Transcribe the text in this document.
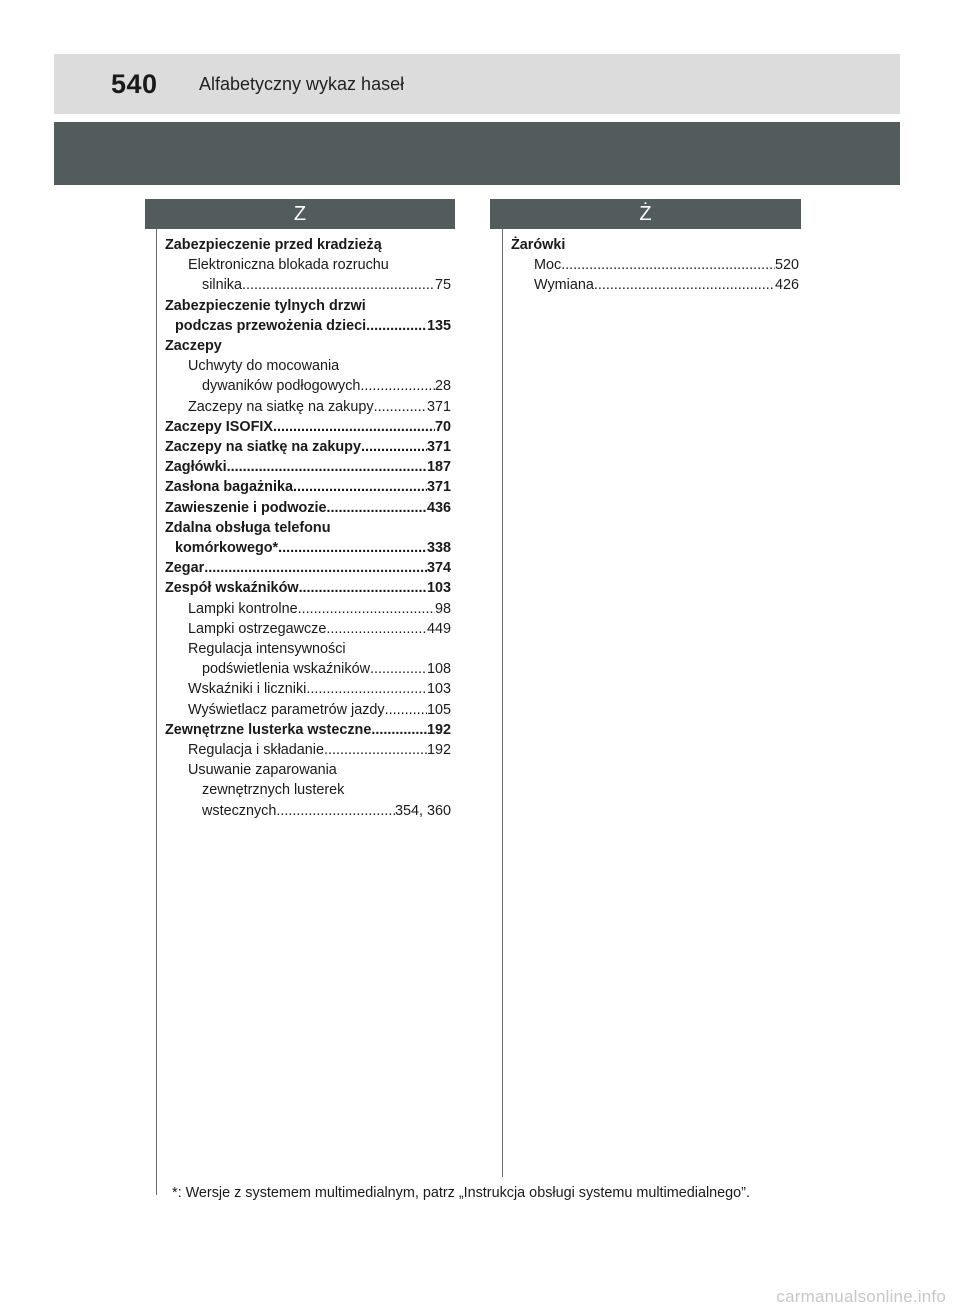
540	Alfabetyczny wykaz haseł
Z	Ż
Zabezpieczenie przed kradzieżą
Elektroniczna blokada rozruchu
silnika .....	75
Zabezpieczenie tylnych drzwi
podczas przewożenia dzieci .....	135
Zaczepy
Uchwyty do mocowania
dywaników podłogowych .....	28
Zaczepy na siatkę na zakupy .....	371
Zaczepy ISOFIX .....	70
Zaczepy na siatkę na zakupy .....	371
Zagłówki .....	187
Zasłona bagażnika .....	371
Zawieszenie i podwozie .....	436
Zdalna obsługa telefonu
komórkowego* .....	338
Zegar .....	374
Zespół wskaźników .....	103
Lampki kontrolne .....	98
Lampki ostrzegawcze .....	449
Regulacja intensywności
podświetlenia wskaźników .....	108
Wskaźniki i liczniki .....	103
Wyświetlacz parametrów jazdy .....	105
Zewnętrzne lusterka wsteczne .....	192
Regulacja i składanie .....	192
Usuwanie zaparowania
zewnętrznych lusterek
wstecznych .....	354, 360
Żarówki
Moc .....	520
Wymiana .....	426
*: Wersje z systemem multimedialnym, patrz „Instrukcja obsługi systemu multimedialnego”.
carmanualsonline.info
